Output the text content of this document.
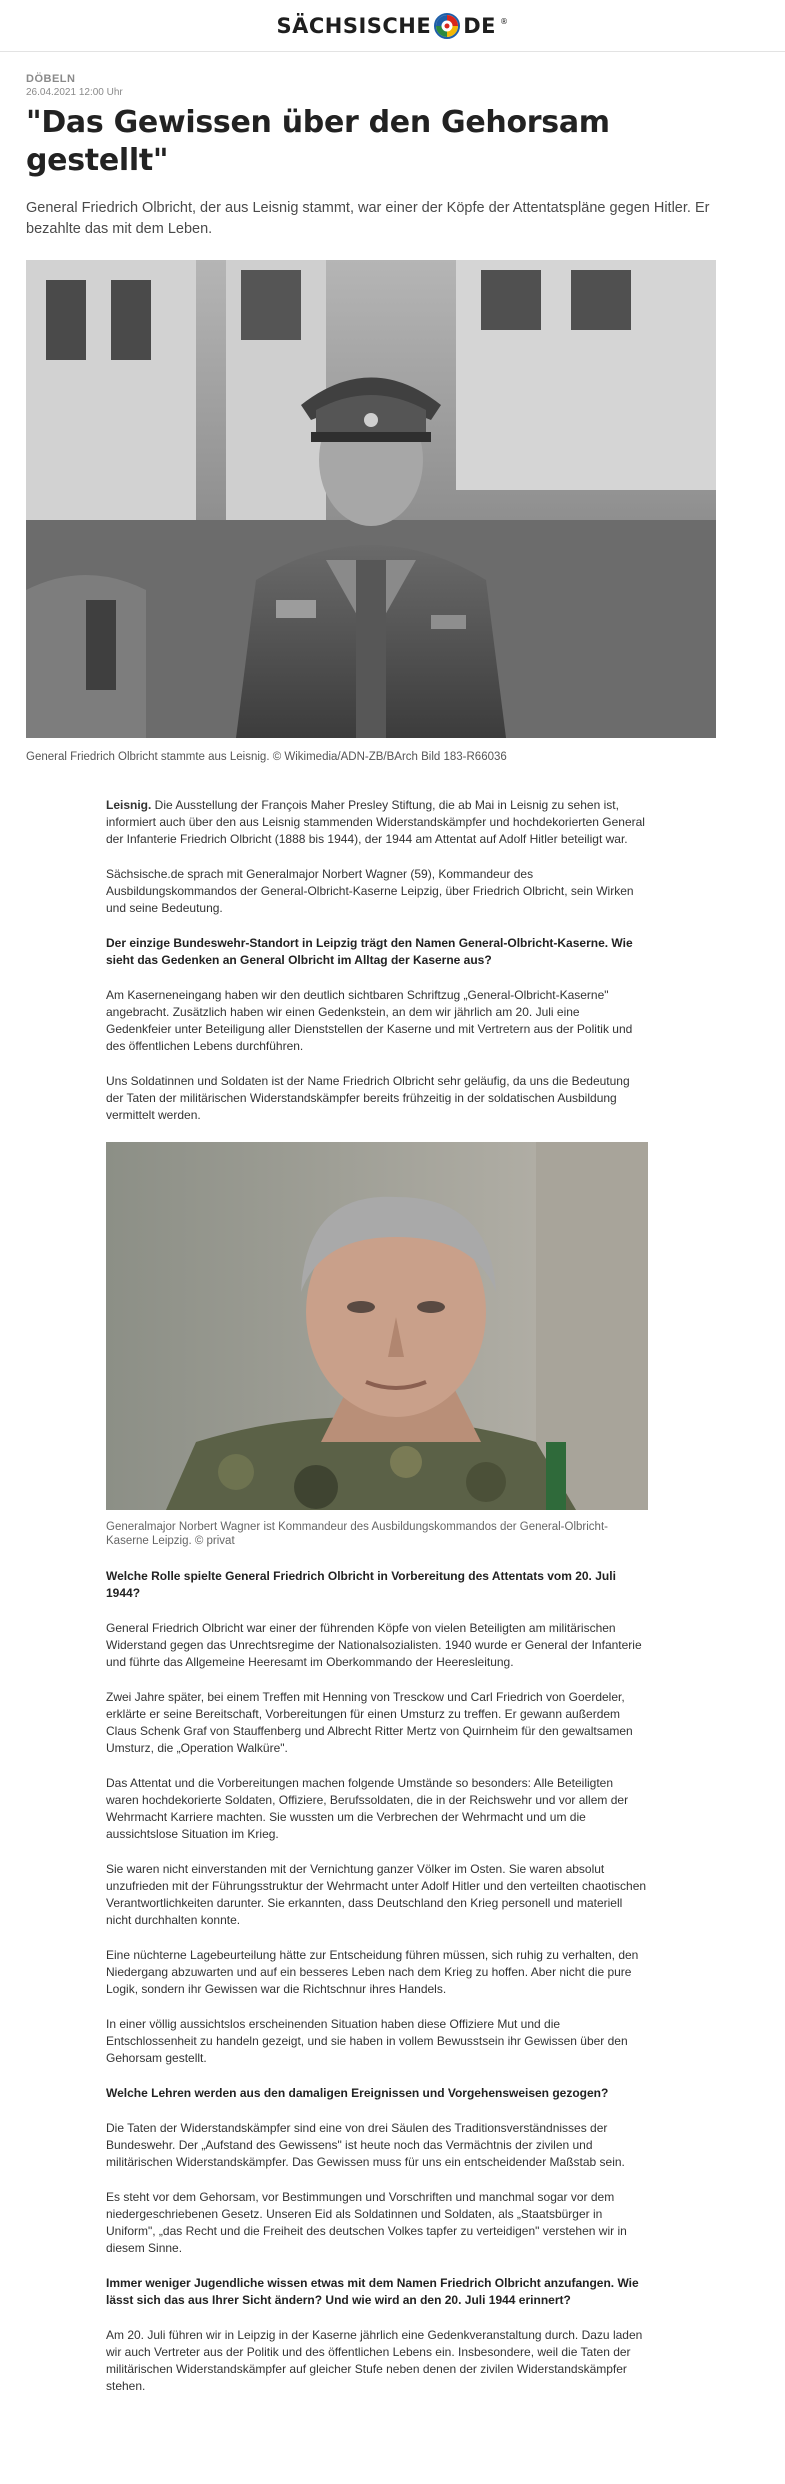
SÄCHSISCHE DE ®
DÖBELN
26.04.2021 12:00 Uhr
"Das Gewissen über den Gehorsam gestellt"

General Friedrich Olbricht, der aus Leisnig stammt, war einer der Köpfe der Attentatspläne gegen Hitler. Er bezahlte das mit dem Leben.

General Friedrich Olbricht stammte aus Leisnig. © Wikimedia/ADN-ZB/BArch Bild 183-R66036

Leisnig. Die Ausstellung der François Maher Presley Stiftung, die ab Mai in Leisnig zu sehen ist, informiert auch über den aus Leisnig stammenden Widerstandskämpfer und hochdekorierten General der Infanterie Friedrich Olbricht (1888 bis 1944), der 1944 am Attentat auf Adolf Hitler beteiligt war.

Sächsische.de sprach mit Generalmajor Norbert Wagner (59), Kommandeur des Ausbildungskommandos der General-Olbricht-Kaserne Leipzig, über Friedrich Olbricht, sein Wirken und seine Bedeutung.

Der einzige Bundeswehr-Standort in Leipzig trägt den Namen General-Olbricht-Kaserne. Wie sieht das Gedenken an General Olbricht im Alltag der Kaserne aus?

Am Kaserneneingang haben wir den deutlich sichtbaren Schriftzug „General-Olbricht-Kaserne" angebracht. Zusätzlich haben wir einen Gedenkstein, an dem wir jährlich am 20. Juli eine Gedenkfeier unter Beteiligung aller Dienststellen der Kaserne und mit Vertretern aus der Politik und des öffentlichen Lebens durchführen.

Uns Soldatinnen und Soldaten ist der Name Friedrich Olbricht sehr geläufig, da uns die Bedeutung der Taten der militärischen Widerstandskämpfer bereits frühzeitig in der soldatischen Ausbildung vermittelt werden.

Generalmajor Norbert Wagner ist Kommandeur des Ausbildungskommandos der General-Olbricht-Kaserne Leipzig. © privat

Welche Rolle spielte General Friedrich Olbricht in Vorbereitung des Attentats vom 20. Juli 1944?

General Friedrich Olbricht war einer der führenden Köpfe von vielen Beteiligten am militärischen Widerstand gegen das Unrechtsregime der Nationalsozialisten. 1940 wurde er General der Infanterie und führte das Allgemeine Heeresamt im Oberkommando der Heeresleitung.

Zwei Jahre später, bei einem Treffen mit Henning von Tresckow und Carl Friedrich von Goerdeler, erklärte er seine Bereitschaft, Vorbereitungen für einen Umsturz zu treffen. Er gewann außerdem Claus Schenk Graf von Stauffenberg und Albrecht Ritter Mertz von Quirnheim für den gewaltsamen Umsturz, die „Operation Walküre".

Das Attentat und die Vorbereitungen machen folgende Umstände so besonders: Alle Beteiligten waren hochdekorierte Soldaten, Offiziere, Berufssoldaten, die in der Reichswehr und vor allem der Wehrmacht Karriere machten. Sie wussten um die Verbrechen der Wehrmacht und um die aussichtslose Situation im Krieg.

Sie waren nicht einverstanden mit der Vernichtung ganzer Völker im Osten. Sie waren absolut unzufrieden mit der Führungsstruktur der Wehrmacht unter Adolf Hitler und den verteilten chaotischen Verantwortlichkeiten darunter. Sie erkannten, dass Deutschland den Krieg personell und materiell nicht durchhalten konnte.

Eine nüchterne Lagebeurteilung hätte zur Entscheidung führen müssen, sich ruhig zu verhalten, den Niedergang abzuwarten und auf ein besseres Leben nach dem Krieg zu hoffen. Aber nicht die pure Logik, sondern ihr Gewissen war die Richtschnur ihres Handels.

In einer völlig aussichtslos erscheinenden Situation haben diese Offiziere Mut und die Entschlossenheit zu handeln gezeigt, und sie haben in vollem Bewusstsein ihr Gewissen über den Gehorsam gestellt.

Welche Lehren werden aus den damaligen Ereignissen und Vorgehensweisen gezogen?

Die Taten der Widerstandskämpfer sind eine von drei Säulen des Traditionsverständnisses der Bundeswehr. Der „Aufstand des Gewissens" ist heute noch das Vermächtnis der zivilen und militärischen Widerstandskämpfer. Das Gewissen muss für uns ein entscheidender Maßstab sein.

Es steht vor dem Gehorsam, vor Bestimmungen und Vorschriften und manchmal sogar vor dem niedergeschriebenen Gesetz. Unseren Eid als Soldatinnen und Soldaten, als „Staatsbürger in Uniform", „das Recht und die Freiheit des deutschen Volkes tapfer zu verteidigen" verstehen wir in diesem Sinne.

Immer weniger Jugendliche wissen etwas mit dem Namen Friedrich Olbricht anzufangen. Wie lässt sich das aus Ihrer Sicht ändern? Und wie wird an den 20. Juli 1944 erinnert?

Am 20. Juli führen wir in Leipzig in der Kaserne jährlich eine Gedenkveranstaltung durch. Dazu laden wir auch Vertreter aus der Politik und des öffentlichen Lebens ein. Insbesondere, weil die Taten der militärischen Widerstandskämpfer auf gleicher Stufe neben denen der zivilen Widerstandskämpfer stehen.
